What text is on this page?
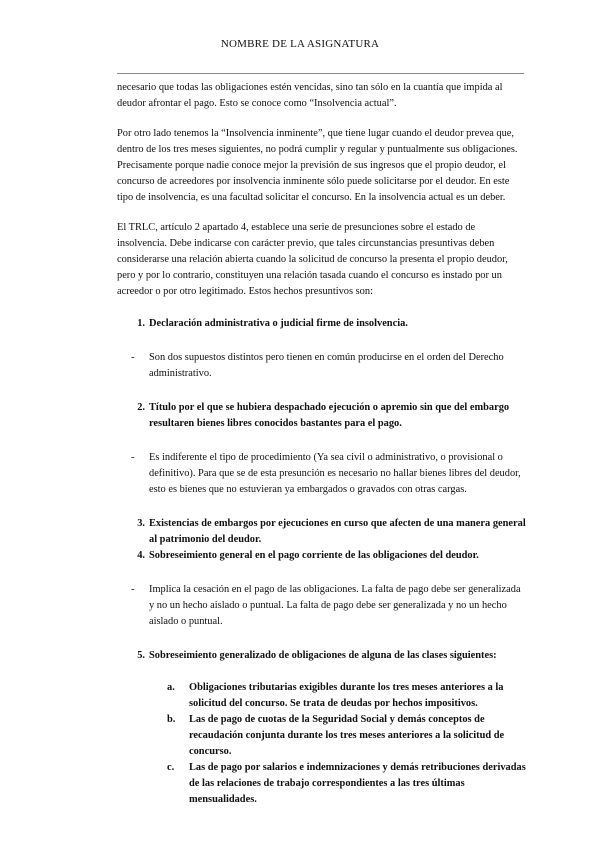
NOMBRE DE LA ASIGNATURA

necesario que todas las obligaciones estén vencidas, sino tan sólo en la cuantía que impida al deudor afrontar el pago. Esto se conoce como “Insolvencia actual”.

Por otro lado tenemos la “Insolvencia inminente”, que tiene lugar cuando el deudor prevea que, dentro de los tres meses siguientes, no podrá cumplir y regular y puntualmente sus obligaciones. Precisamente porque nadie conoce mejor la previsión de sus ingresos que el propio deudor, el concurso de acreedores por insolvencia inminente sólo puede solicitarse por el deudor. En este tipo de insolvencia, es una facultad solicitar el concurso. En la insolvencia actual es un deber.

El TRLC, artículo 2 apartado 4, establece una serie de presunciones sobre el estado de insolvencia. Debe indicarse con carácter previo, que tales circunstancias presuntivas deben considerarse una relación abierta cuando la solicitud de concurso la presenta el propio deudor, pero y por lo contrario, constituyen una relación tasada cuando el concurso es instado por un acreedor o por otro legitimado. Estos hechos presuntivos son:

1. Declaración administrativa o judicial firme de insolvencia.
-	Son dos supuestos distintos pero tienen en común producirse en el orden del Derecho administrativo.
2. Título por el que se hubiera despachado ejecución o apremio sin que del embargo resultaren bienes libres conocidos bastantes para el pago.
-	Es indiferente el tipo de procedimiento (Ya sea civil o administrativo, o provisional o definitivo). Para que se de esta presunción es necesario no hallar bienes libres del deudor, esto es bienes que no estuvieran ya embargados o gravados con otras cargas.
3. Existencias de embargos por ejecuciones en curso que afecten de una manera general al patrimonio del deudor.
4. Sobreseimiento general en el pago corriente de las obligaciones del deudor.
-	Implica la cesación en el pago de las obligaciones. La falta de pago debe ser generalizada y no un hecho aislado o puntual. La falta de pago debe ser generalizada y no un hecho aislado o puntual.
5. Sobreseimiento generalizado de obligaciones de alguna de las clases siguientes:
a.	Obligaciones tributarias exigibles durante los tres meses anteriores a la solicitud del concurso. Se trata de deudas por hechos impositivos.
b.	Las de pago de cuotas de la Seguridad Social y demás conceptos de recaudación conjunta durante los tres meses anteriores a la solicitud de concurso.
c.	Las de pago por salarios e indemnizaciones y demás retribuciones derivadas de las relaciones de trabajo correspondientes a las tres últimas mensualidades.
